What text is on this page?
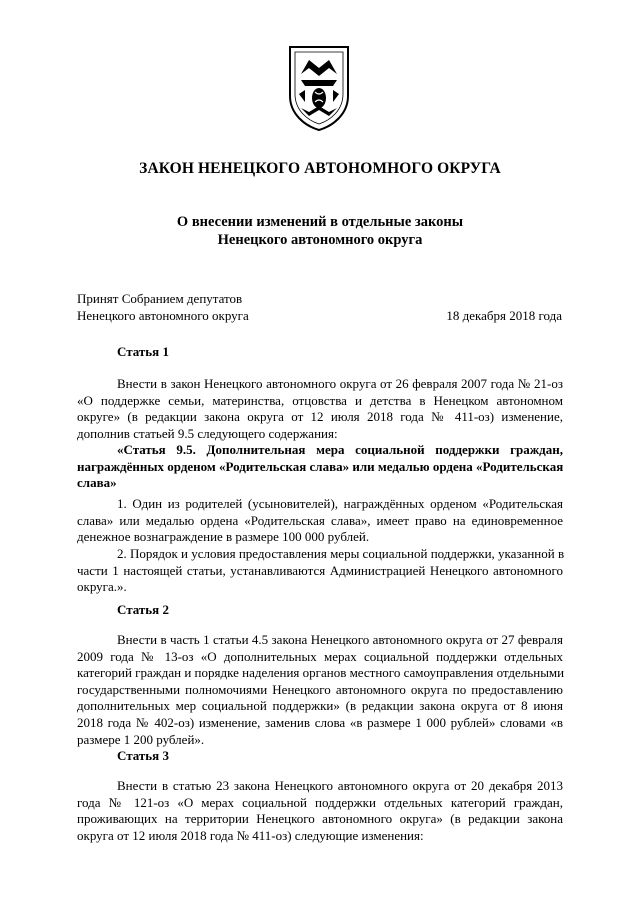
ЗАКОН НЕНЕЦКОГО АВТОНОМНОГО ОКРУГА
О внесении изменений в отдельные законы
Ненецкого автономного округа
Принят Собранием депутатов
Ненецкого автономного округа	18 декабря 2018 года
Статья 1
Внести в закон Ненецкого автономного округа от 26 февраля 2007 года № 21-оз
«О поддержке семьи, материнства, отцовства и детства в Ненецком автономном
округе» (в редакции закона округа от 12 июля 2018 года № 411-оз) изменение,
дополнив статьей 9.5 следующего содержания:
«Статья 9.5. Дополнительная мера социальной поддержки граждан,
награждённых орденом «Родительская слава» или медалью ордена «Родительская
слава»
1. Один из родителей (усыновителей), награждённых орденом «Родительская
слава» или медалью ордена «Родительская слава», имеет право на единовременное
денежное вознаграждение в размере 100 000 рублей.
2. Порядок и условия предоставления меры социальной поддержки, указанной в
части 1 настоящей статьи, устанавливаются Администрацией Ненецкого автономного
округа.».
Статья 2
Внести в часть 1 статьи 4.5 закона Ненецкого автономного округа от 27 февраля
2009 года № 13-оз «О дополнительных мерах социальной поддержки отдельных
категорий граждан и порядке наделения органов местного самоуправления отдельными
государственными полномочиями Ненецкого автономного округа по предоставлению
дополнительных мер социальной поддержки» (в редакции закона округа от 8 июня
2018 года № 402-оз) изменение, заменив слова «в размере 1 000 рублей» словами «в
размере 1 200 рублей».
Статья 3
Внести в статью 23 закона Ненецкого автономного округа от 20 декабря 2013
года № 121-оз «О мерах социальной поддержки отдельных категорий граждан,
проживающих на территории Ненецкого автономного округа» (в редакции закона
округа от 12 июля 2018 года № 411-оз) следующие изменения:
